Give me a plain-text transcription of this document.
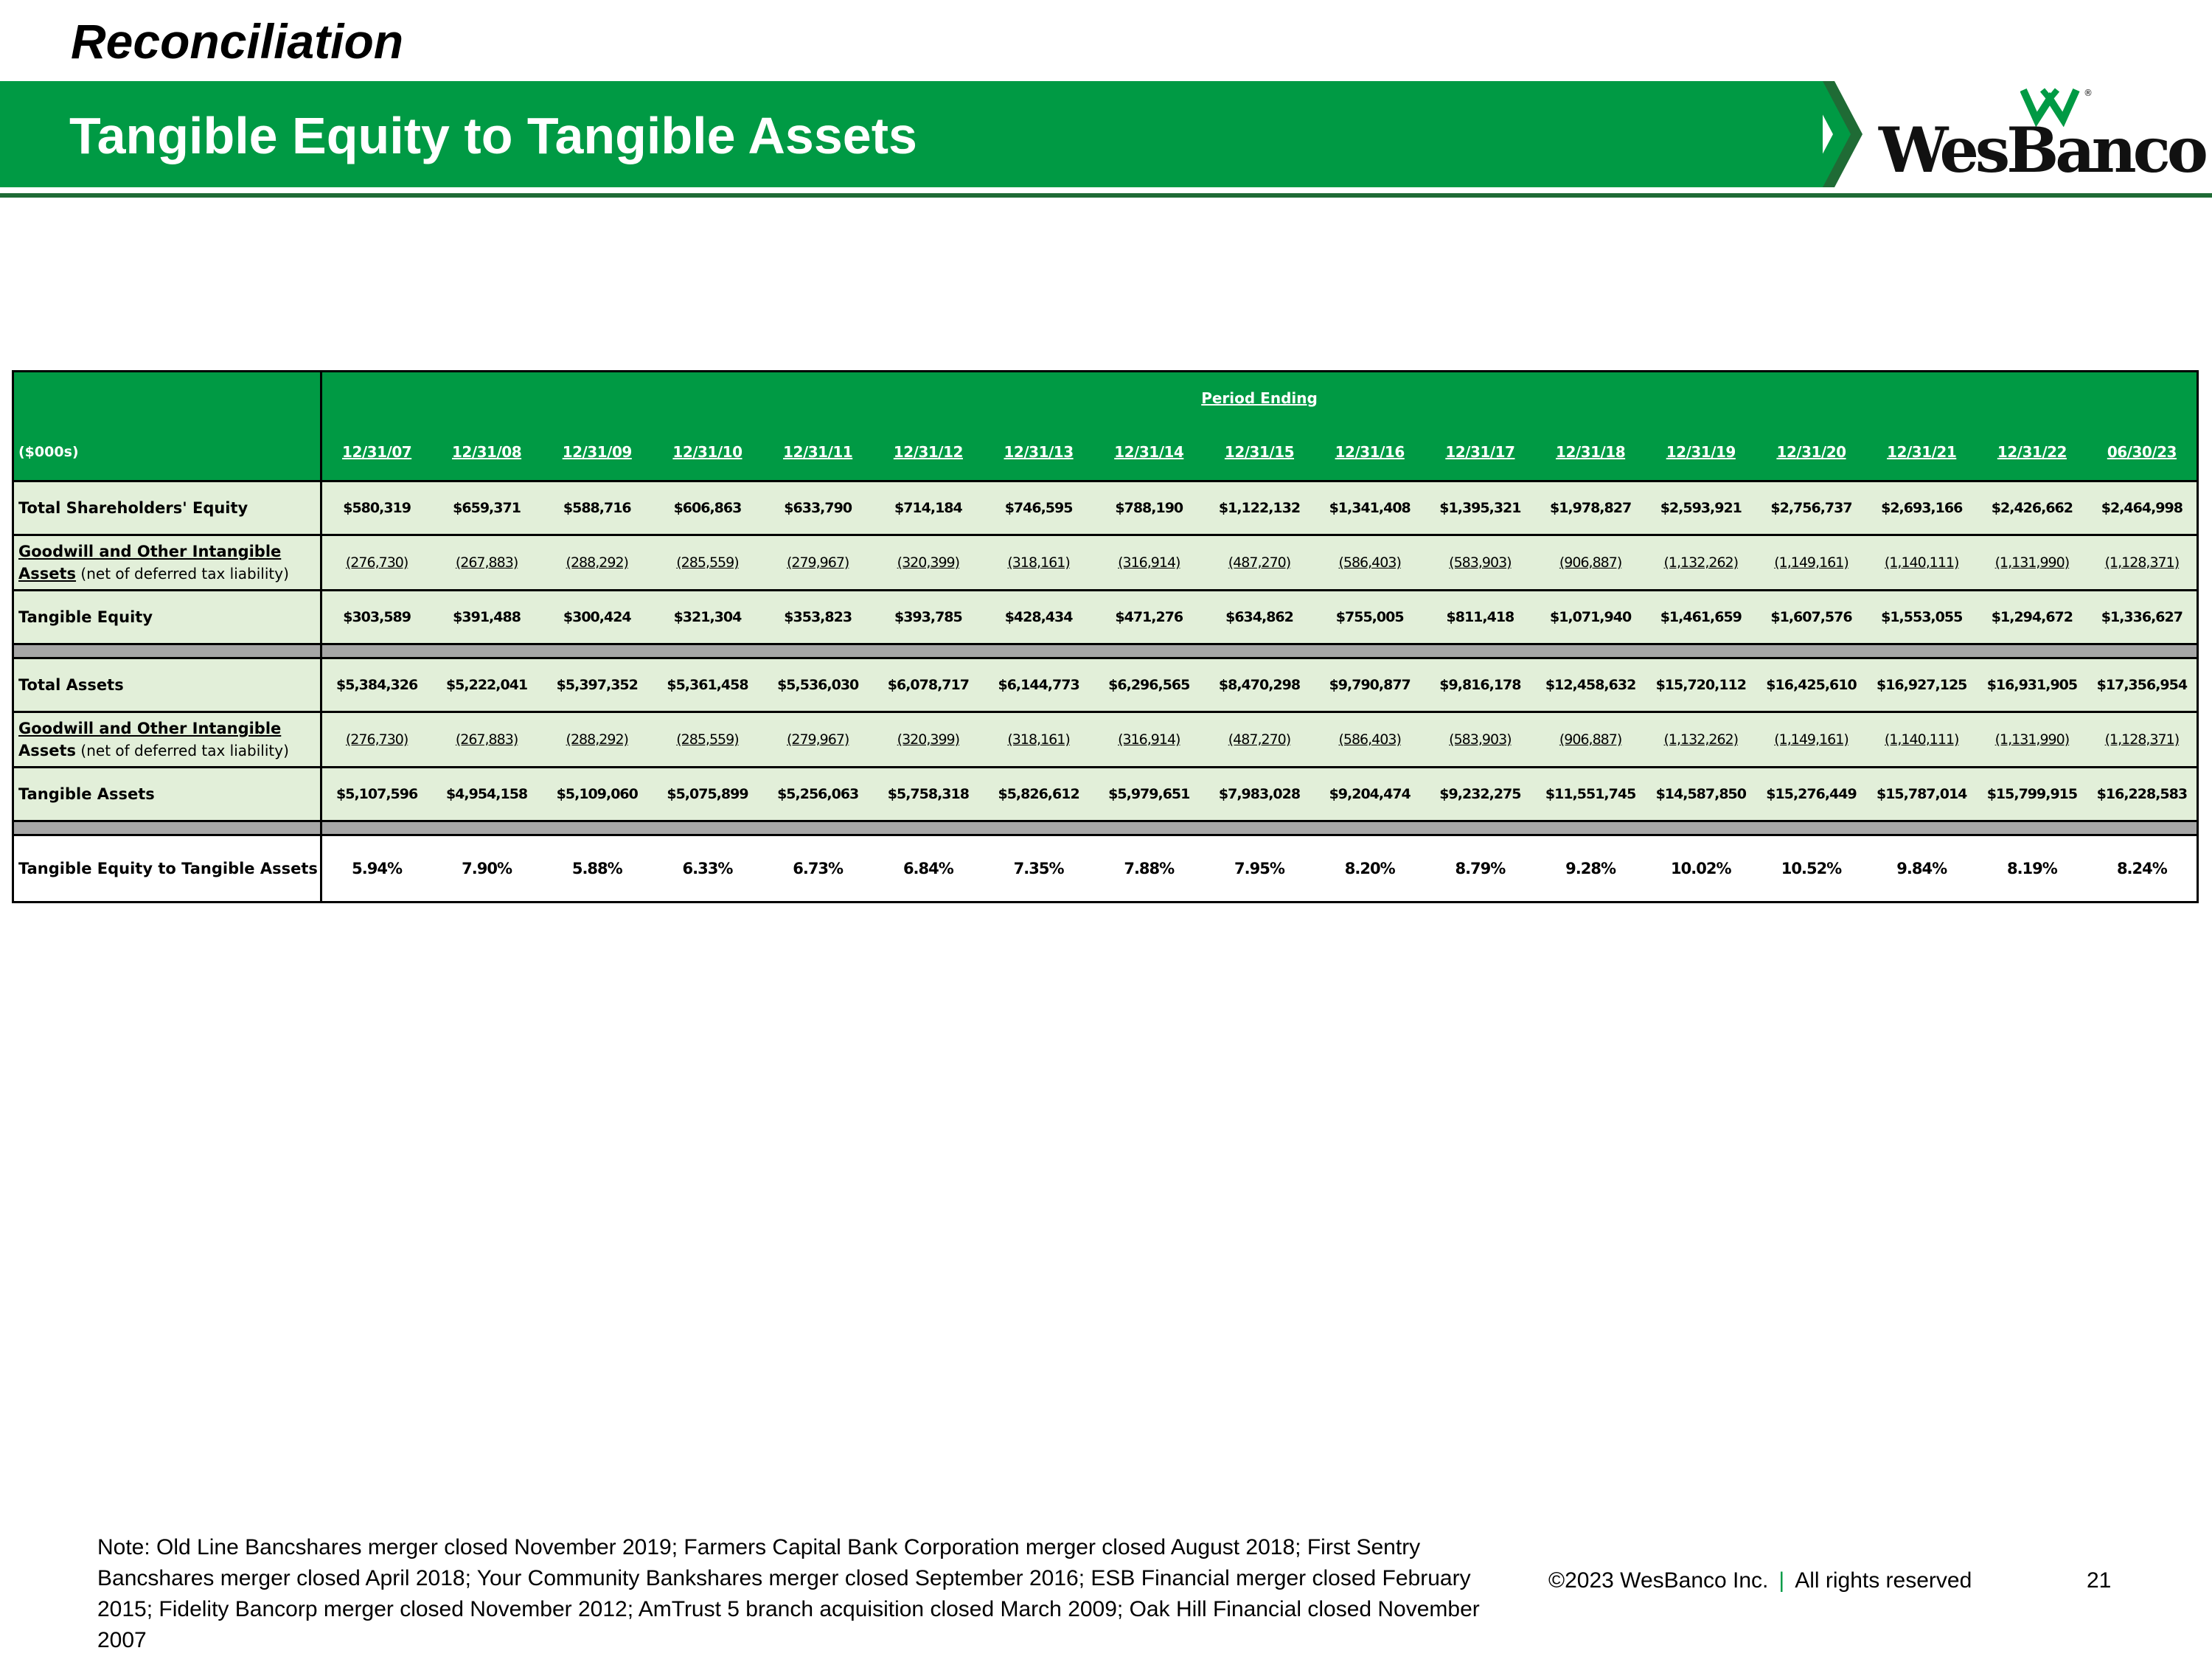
Reconciliation
Tangible Equity to Tangible Assets
®
WesBanco
	Period Ending																
($000s)	12/31/07	12/31/08	12/31/09	12/31/10	12/31/11	12/31/12	12/31/13	12/31/14	12/31/15	12/31/16	12/31/17	12/31/18	12/31/19	12/31/20	12/31/21	12/31/22	06/30/23
Total Shareholders' Equity	$580,319	$659,371	$588,716	$606,863	$633,790	$714,184	$746,595	$788,190	$1,122,132	$1,341,408	$1,395,321	$1,978,827	$2,593,921	$2,756,737	$2,693,166	$2,426,662	$2,464,998
Goodwill and Other Intangible
Assets (net of deferred tax liability)	(276,730)	(267,883)	(288,292)	(285,559)	(279,967)	(320,399)	(318,161)	(316,914)	(487,270)	(586,403)	(583,903)	(906,887)	(1,132,262)	(1,149,161)	(1,140,111)	(1,131,990)	(1,128,371)
Tangible Equity	$303,589	$391,488	$300,424	$321,304	$353,823	$393,785	$428,434	$471,276	$634,862	$755,005	$811,418	$1,071,940	$1,461,659	$1,607,576	$1,553,055	$1,294,672	$1,336,627

Total Assets	$5,384,326	$5,222,041	$5,397,352	$5,361,458	$5,536,030	$6,078,717	$6,144,773	$6,296,565	$8,470,298	$9,790,877	$9,816,178	$12,458,632	$15,720,112	$16,425,610	$16,927,125	$16,931,905	$17,356,954
Goodwill and Other Intangible
Assets (net of deferred tax liability)	(276,730)	(267,883)	(288,292)	(285,559)	(279,967)	(320,399)	(318,161)	(316,914)	(487,270)	(586,403)	(583,903)	(906,887)	(1,132,262)	(1,149,161)	(1,140,111)	(1,131,990)	(1,128,371)
Tangible Assets	$5,107,596	$4,954,158	$5,109,060	$5,075,899	$5,256,063	$5,758,318	$5,826,612	$5,979,651	$7,983,028	$9,204,474	$9,232,275	$11,551,745	$14,587,850	$15,276,449	$15,787,014	$15,799,915	$16,228,583

Tangible Equity to Tangible Assets	5.94%	7.90%	5.88%	6.33%	6.73%	6.84%	7.35%	7.88%	7.95%	8.20%	8.79%	9.28%	10.02%	10.52%	9.84%	8.19%	8.24%
Note: Old Line Bancshares merger closed November 2019; Farmers Capital Bank Corporation merger closed August 2018; First Sentry Bancshares merger closed April 2018; Your Community Bankshares merger closed September 2016; ESB Financial merger closed February 2015; Fidelity Bancorp merger closed November 2012; AmTrust 5 branch acquisition closed March 2009; Oak Hill Financial closed November 2007
©2023 WesBanco Inc. | All rights reserved	21
